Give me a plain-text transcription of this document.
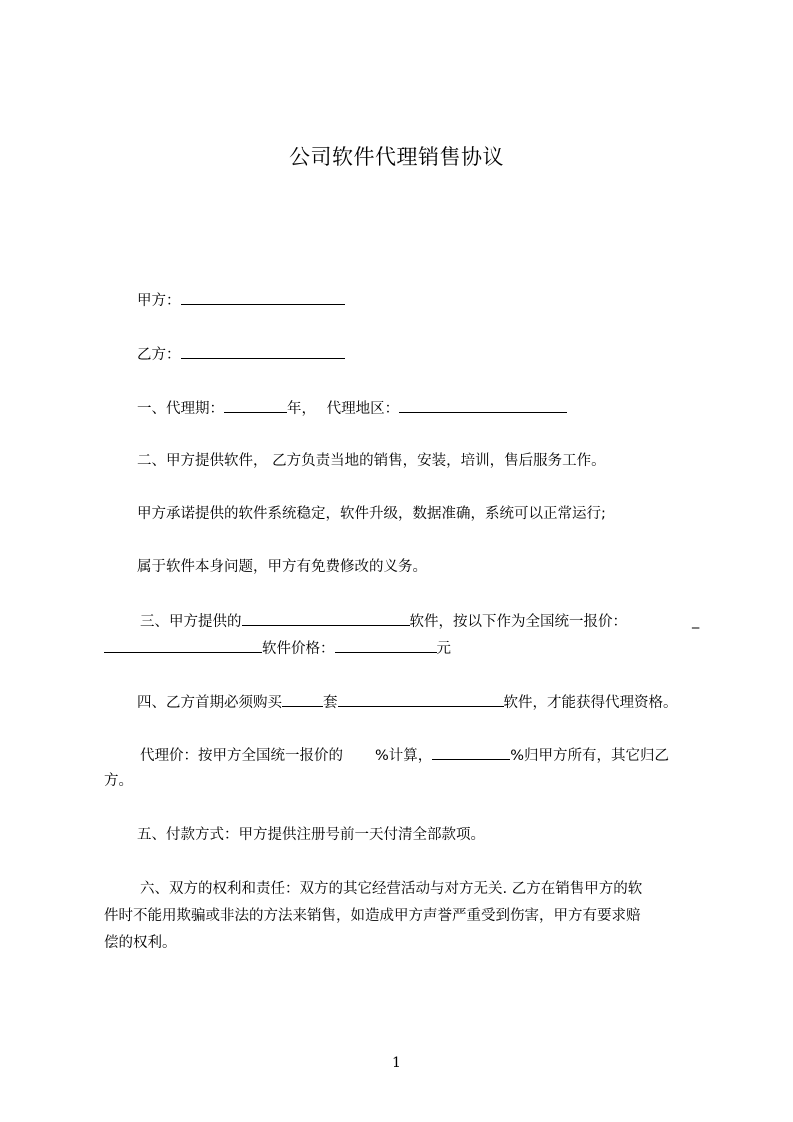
公司软件代理销售协议
甲方：
乙方：
一、代理期：	年， 代理地区：
二、甲方提供软件， 乙方负责当地的销售，安装，培训，售后服务工作。
甲方承诺提供的软件系统稳定，软件升级，数据准确，系统可以正常运行;
属于软件本身问题，甲方有免费修改的义务。
三、甲方提供的	软件，按以下作为全国统一报价：	_
软件价格：	元
四、乙方首期必须购买	套	软件，才能获得代理资格。
代理价：按甲方全国统一报价的 %计算，	%归甲方所有，其它归乙
方。
五、付款方式：甲方提供注册号前一天付清全部款项。
六、双方的权利和责任：双方的其它经营活动与对方无关. 乙方在销售甲方的软
件时不能用欺骗或非法的方法来销售，如造成甲方声誉严重受到伤害，甲方有要求赔
偿的权利。
1
